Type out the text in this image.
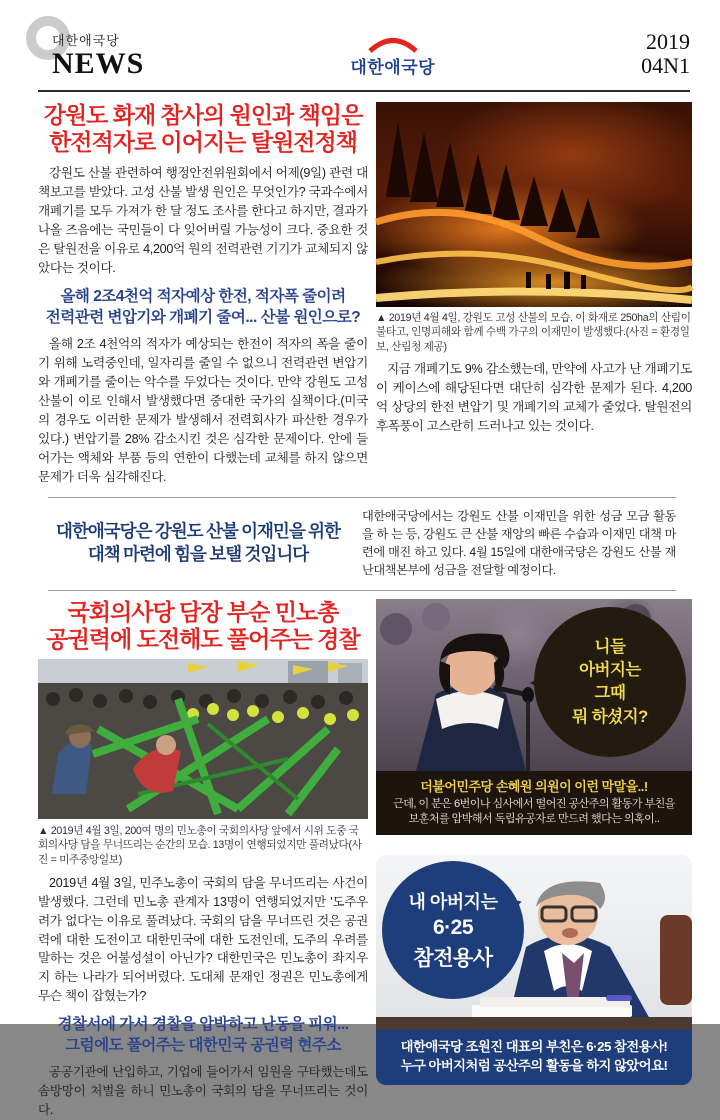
대한애국당
NEWS	대한애국당
2019
04N1
강원도 화재 참사의 원인과 책임은
한전적자로 이어지는 탈원전정책

강원도 산불 관련하여 행정안전위원회에서 어제(9일) 관련 대책보고를 받았다. 고성 산불 발생 원인은 무엇인가? 국과수에서 개폐기를 모두 가져가 한 달 정도 조사를 한다고 하지만, 결과가 나올 즈음에는 국민들이 다 잊어버릴 가능성이 크다. 중요한 것은 탈원전을 이유로 4,200억 원의 전력관련 기기가 교체되지 않았다는 것이다.

올해 2조4천억 적자예상 한전, 적자폭 줄이려
전력관련 변압기와 개폐기 줄여... 산불 원인으로?

올해 2조 4천억의 적자가 예상되는 한전이 적자의 폭을 줄이기 위해 노력중인데, 일자리를 줄일 수 없으니 전력관련 변압기와 개폐기를 줄이는 악수를 두었다는 것이다. 만약 강원도 고성 산불이 이로 인해서 발생했다면 중대한 국가의 실책이다.(미국의 경우도 이러한 문제가 발생해서 전력회사가 파산한 경우가 있다.) 변압기를 28% 감소시킨 것은 심각한 문제이다. 안에 들어가는 액체와 부품 등의 연한이 다했는데 교체를 하지 않으면 문제가 더욱 심각해진다.

▲ 2019년 4월 4일, 강원도 고성 산불의 모습. 이 화재로 250ha의 산림이 불타고, 인명피해와 함께 수백 가구의 이재민이 발생했다.(사진 = 환경일보, 산림청 제공)

지금 개폐기도 9% 감소했는데, 만약에 사고가 난 개폐기도 이 케이스에 해당된다면 대단히 심각한 문제가 된다. 4,200억 상당의 한전 변압기 및 개폐기의 교체가 줄었다. 탈원전의 후폭풍이 고스란히 드러나고 있는 것이다.

대한애국당은 강원도 산불 이재민을 위한
대책 마련에 힘을 보탤 것입니다
대한애국당에서는 강원도 산불 이재민을 위한 성금 모금 활동을 하 는 등, 강원도 큰 산불 재앙의 빠른 수습과 이재민 대책 마련에 매진 하고 있다. 4월 15일에 대한애국당은 강원도 산불 재난대책본부에 성금을 전달할 예정이다.
국회의사당 담장 부순 민노총
공권력에 도전해도 풀어주는 경찰
▲ 2019년 4월 3일, 200여 명의 민노총이 국회의사당 앞에서 시위 도중 국회의사당 담을 무너뜨리는 순간의 모습. 13명이 연행되었지만 풀려났다(사진 = 미주중앙일보)

2019년 4월 3일, 민주노총이 국회의 담을 무너뜨리는 사건이 발생했다. 그런데 민노총 관계자 13명이 연행되었지만 '도주우려가 없다'는 이유로 풀려났다. 국회의 담을 무너뜨린 것은 공권력에 대한 도전이고 대한민국에 대한 도전인데, 도주의 우려를 말하는 것은 어불성설이 아닌가? 대한민국은 민노총이 좌지우지 하는 나라가 되어버렸다. 도대체 문재인 정권은 민노총에게 무슨 책이 잡혔는가?

경찰서에 가서 경찰을 압박하고 난동을 피워...
그럼에도 풀어주는 대한민국 공권력 현주소

공공기관에 난입하고, 기업에 들어가서 임원을 구타했는데도 솜방망이 처벌을 하니 민노총이 국회의 담을 무너뜨리는 것이다.

니들
아버지는
그때
뭐 하셨지?
더불어민주당 손혜원 의원이 이런 막말을..!
근데, 이 분은 6번이나 심사에서 떨어진 공산주의 활동가 부친을
보훈처를 압박해서 독립유공자로 만드려 했다는 의혹이..
내 아버지는
6·25
참전용사
대한애국당 조원진 대표의 부친은 6·25 참전용사!
누구 아버지처럼 공산주의 활동을 하지 않았어요!
